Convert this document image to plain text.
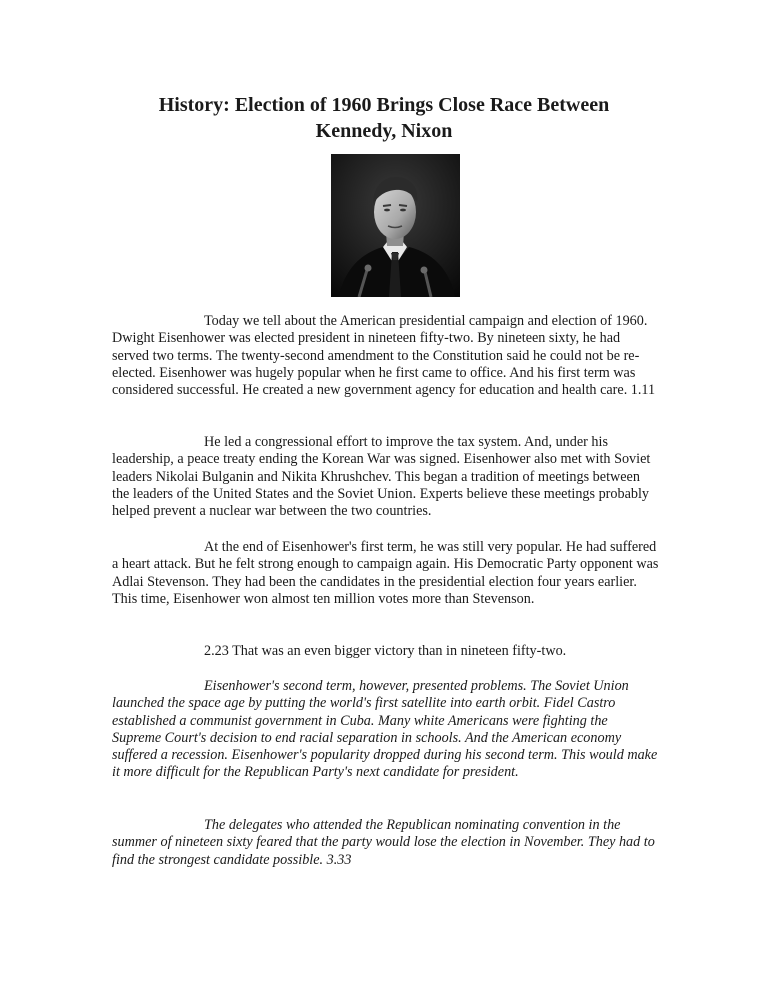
History: Election of 1960 Brings Close Race Between
Kennedy, Nixon

Today we tell about the American presidential campaign and election of 1960. Dwight Eisenhower was elected president in nineteen fifty-two. By nineteen sixty, he had served two terms. The twenty-second amendment to the Constitution said he could not be re-elected. Eisenhower was hugely popular when he first came to office. And his first term was considered successful. He created a new government agency for education and health care. 1.11

He led a congressional effort to improve the tax system. And, under his leadership, a peace treaty ending the Korean War was signed. Eisenhower also met with Soviet leaders Nikolai Bulganin and Nikita Khrushchev. This began a tradition of meetings between the leaders of the United States and the Soviet Union. Experts believe these meetings probably helped prevent a nuclear war between the two countries.

At the end of Eisenhower's first term, he was still very popular. He had suffered a heart attack. But he felt strong enough to campaign again. His Democratic Party opponent was Adlai Stevenson. They had been the candidates in the presidential election four years earlier. This time, Eisenhower won almost ten million votes more than Stevenson.

2.23 That was an even bigger victory than in nineteen fifty-two.

Eisenhower's second term, however, presented problems. The Soviet Union launched the space age by putting the world's first satellite into earth orbit. Fidel Castro established a communist government in Cuba. Many white Americans were fighting the Supreme Court's decision to end racial separation in schools. And the American economy suffered a recession. Eisenhower's popularity dropped during his second term. This would make it more difficult for the Republican Party's next candidate for president.

The delegates who attended the Republican nominating convention in the summer of nineteen sixty feared that the party would lose the election in November. They had to find the strongest candidate possible. 3.33
